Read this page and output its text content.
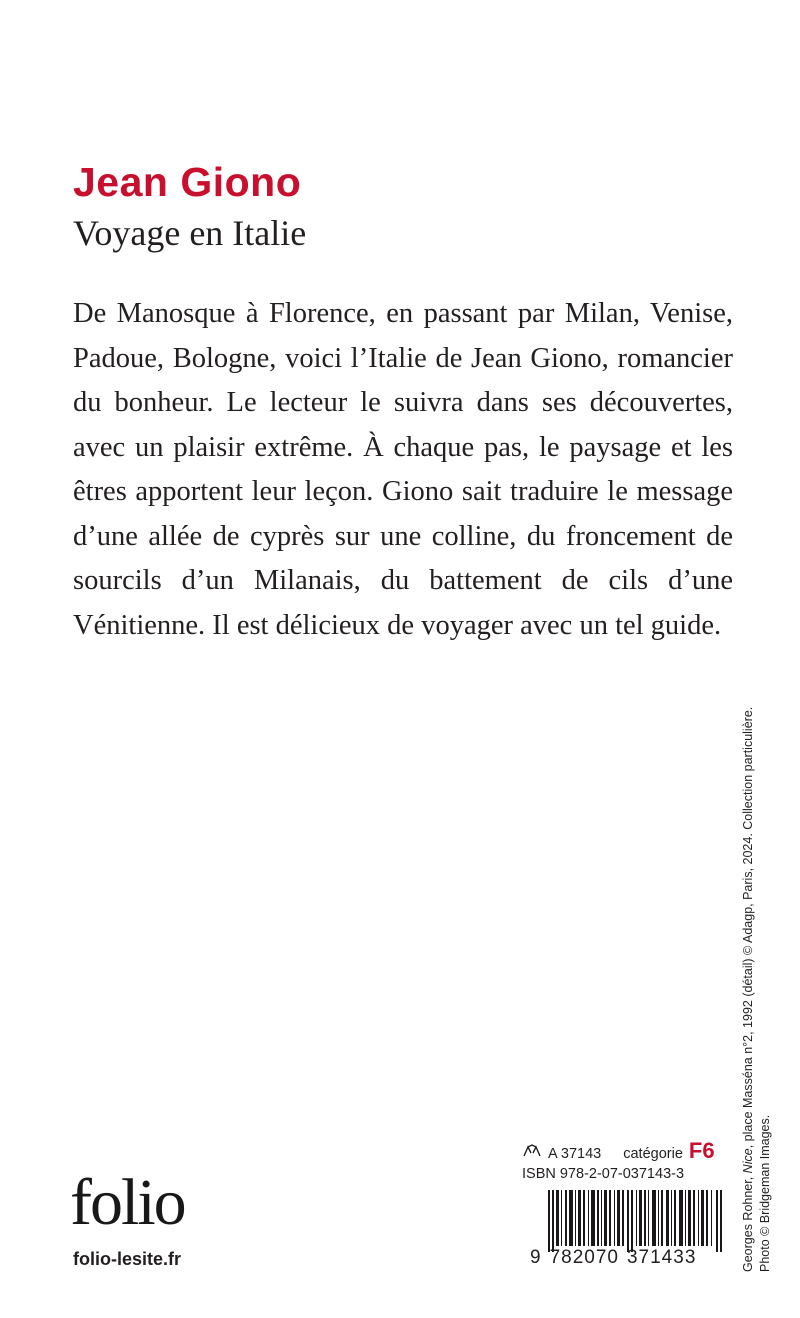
Jean Giono
Voyage en Italie

De Manosque à Florence, en passant par Milan, Venise, Padoue, Bologne, voici l’Italie de Jean Giono, romancier du bonheur. Le lecteur le suivra dans ses découvertes, avec un plaisir extrême. À chaque pas, le paysage et les êtres apportent leur leçon. Giono sait traduire le message d’une allée de cyprès sur une colline, du froncement de sourcils d’un Milanais, du battement de cils d’une Vénitienne. Il est délicieux de voyager avec un tel guide.

Georges Rohner, Nice, place Masséna n°2, 1992 (détail) © Adagp, Paris, 2024. Collection particulière.

Photo © Bridgeman Images.

A 37143 catégorie F6
ISBN 978-2-07-037143-3
9 782070 371433
folio
folio-lesite.fr
